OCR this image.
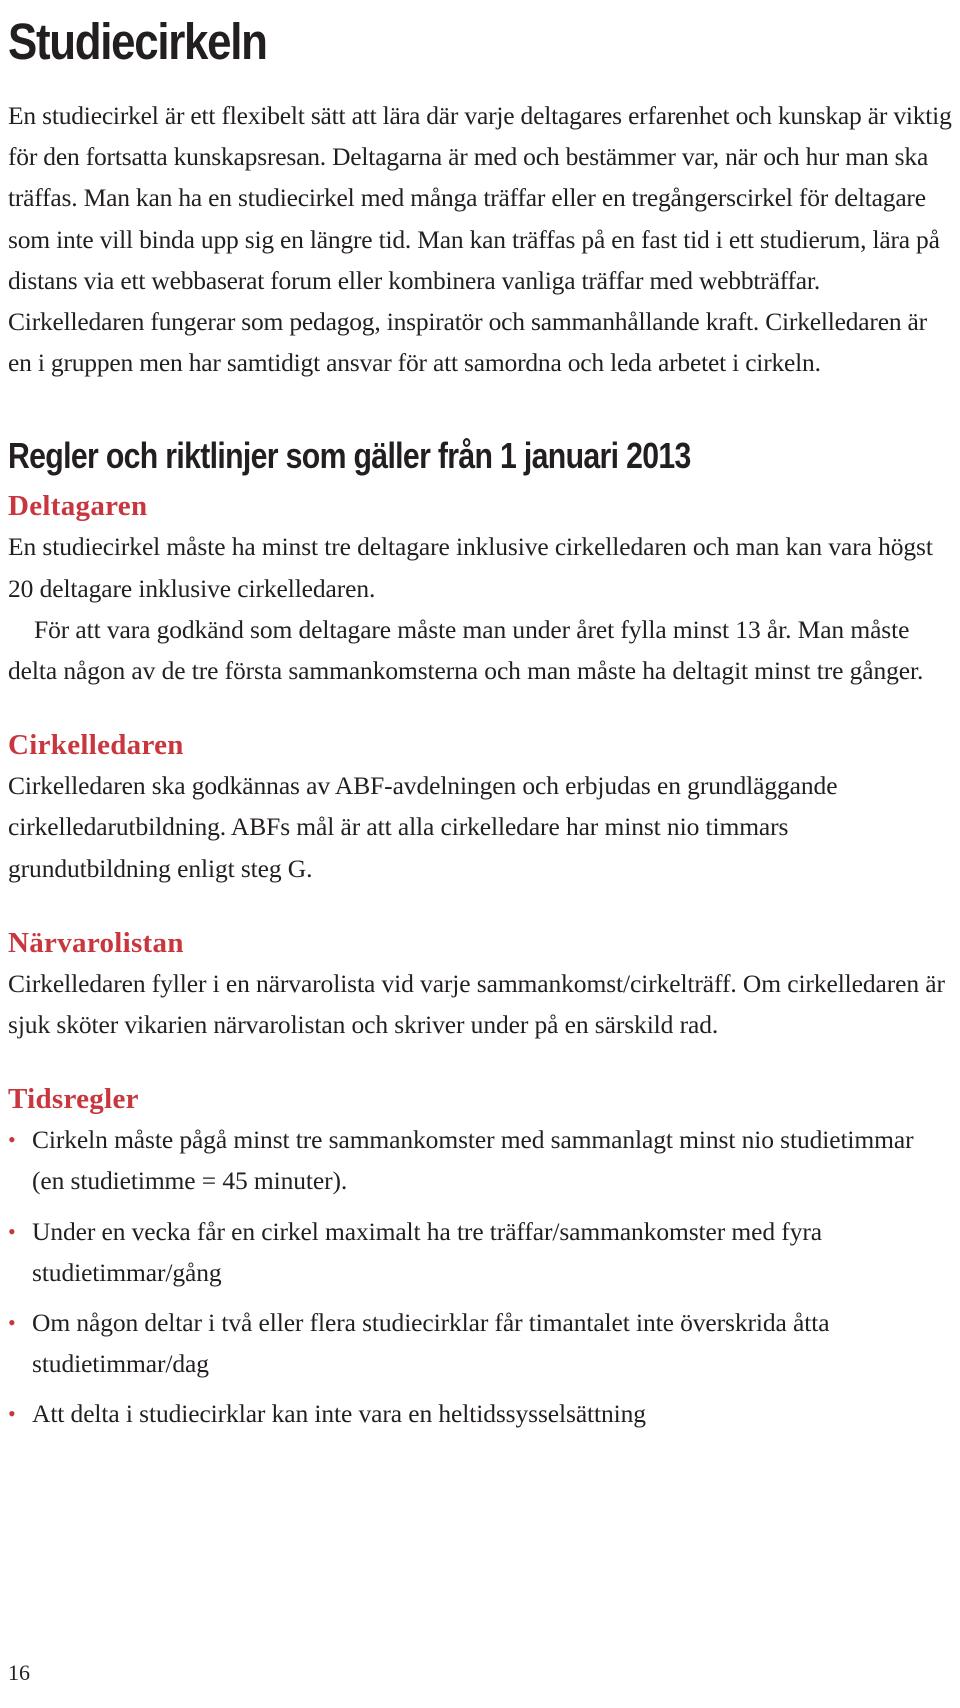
Studiecirkeln

En studiecirkel är ett flexibelt sätt att lära där varje deltagares erfarenhet och kunskap är viktig för den fortsatta kunskapsresan. Deltagarna är med och bestämmer var, när och hur man ska träffas. Man kan ha en studiecirkel med många träffar eller en tregångerscirkel för deltagare som inte vill binda upp sig en längre tid. Man kan träffas på en fast tid i ett studierum, lära på distans via ett webbaserat forum eller kombinera vanliga träffar med webbträffar. Cirkelledaren fungerar som pedagog, inspiratör och sammanhållande kraft. Cirkelledaren är en i gruppen men har samtidigt ansvar för att samordna och leda arbetet i cirkeln.

Regler och riktlinjer som gäller från 1 januari 2013
Deltagaren

En studiecirkel måste ha minst tre deltagare inklusive cirkelledaren och man kan vara högst 20 deltagare inklusive cirkelledaren.

För att vara godkänd som deltagare måste man under året fylla minst 13 år. Man måste delta någon av de tre första sammankomsterna och man måste ha deltagit minst tre gånger.

Cirkelledaren

Cirkelledaren ska godkännas av ABF-avdelningen och erbjudas en grundläggande cirkelledarutbildning. ABFs mål är att alla cirkelledare har minst nio timmars grundutbildning enligt steg G.

Närvarolistan

Cirkelledaren fyller i en närvarolista vid varje sammankomst/cirkelträff. Om cirkelledaren är sjuk sköter vikarien närvarolistan och skriver under på en särskild rad.

Tidsregler
• Cirkeln måste pågå minst tre sammankomster med sammanlagt minst nio studietimmar (en studietimme = 45 minuter).
• Under en vecka får en cirkel maximalt ha tre träffar/sammankomster med fyra studietimmar/gång
• Om någon deltar i två eller flera studiecirklar får timantalet inte överskrida åtta studietimmar/dag
• Att delta i studiecirklar kan inte vara en heltidssysselsättning
16
